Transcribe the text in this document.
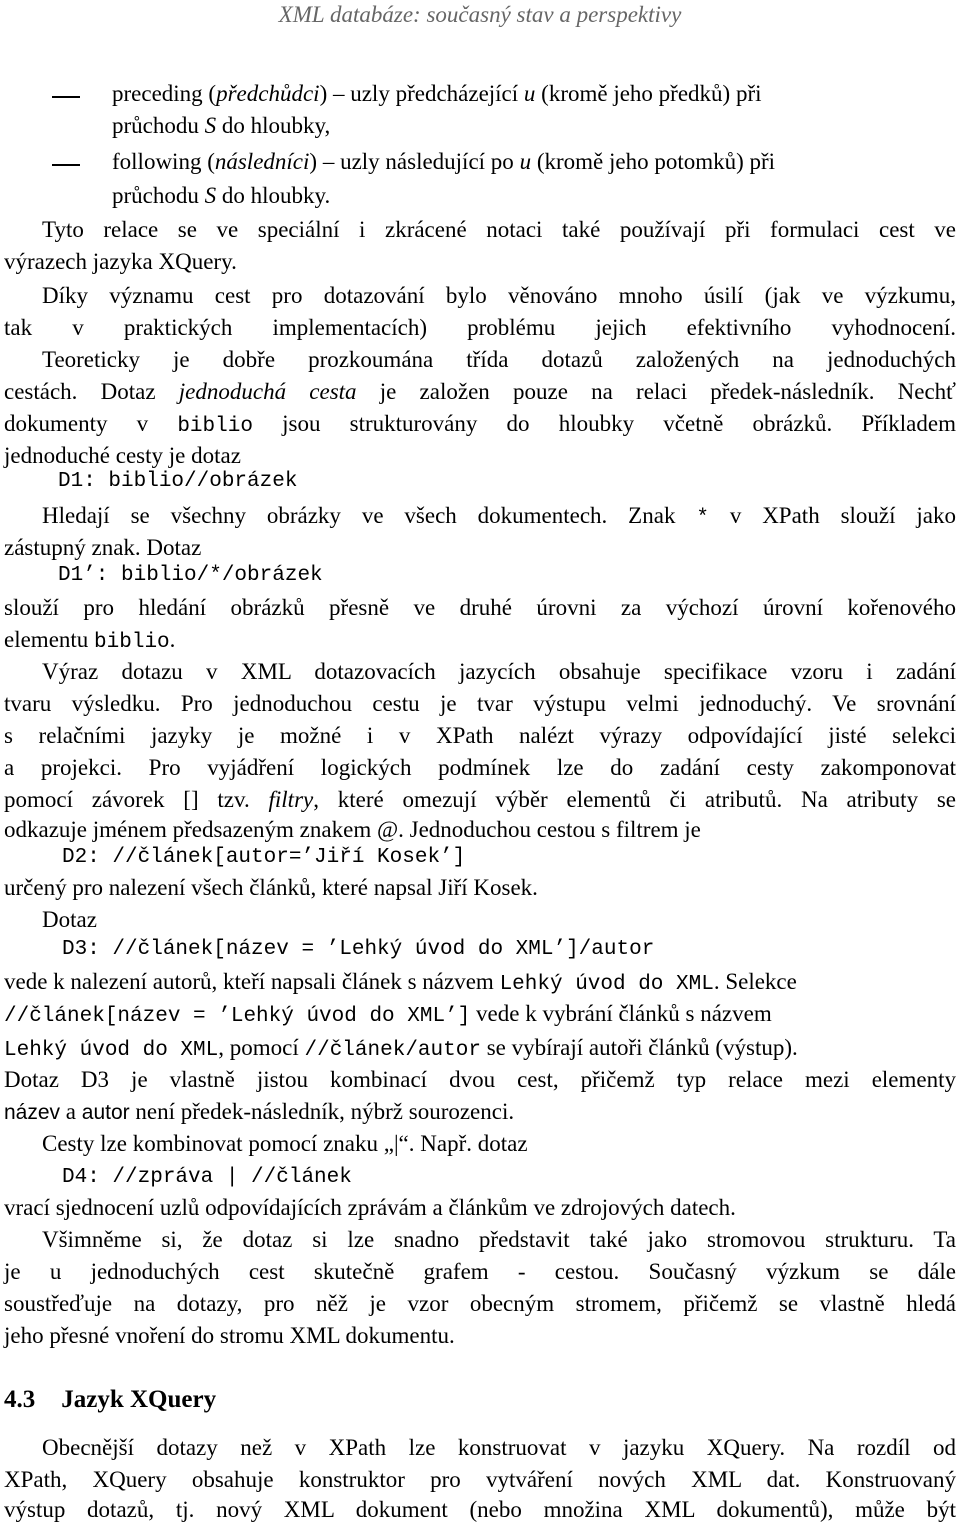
XML databáze: současný stav a perspektivy
preceding (předchůdci) – uzly předcházející u (kromě jeho předků) při
průchodu S do hloubky,
following (následníci) – uzly následující po u (kromě jeho potomků) při
průchodu S do hloubky.
Tyto relace se ve speciální i zkrácené notaci také používají při formulaci cest ve
výrazech jazyka XQuery.
Díky významu cest pro dotazování bylo věnováno mnoho úsilí (jak ve výzkumu,
tak v praktických implementacích) problému jejich efektivního vyhodnocení.
Teoreticky je dobře prozkoumána třída dotazů založených na jednoduchých
cestách. Dotaz jednoduchá cesta je založen pouze na relaci předek-následník. Nechť
dokumenty v biblio jsou strukturovány do hloubky včetně obrázků. Příkladem
jednoduché cesty je dotaz
D1: biblio//obrázek
Hledají se všechny obrázky ve všech dokumentech. Znak * v XPath slouží jako
zástupný znak. Dotaz
D1’: biblio/*/obrázek
slouží pro hledání obrázků přesně ve druhé úrovni za výchozí úrovní kořenového
elementu biblio.
Výraz dotazu v XML dotazovacích jazycích obsahuje specifikace vzoru i zadání
tvaru výsledku. Pro jednoduchou cestu je tvar výstupu velmi jednoduchý. Ve srovnání
s relačními jazyky je možné i v XPath nalézt výrazy odpovídající jisté selekci
a projekci. Pro vyjádření logických podmínek lze do zadání cesty zakomponovat
pomocí závorek [] tzv. filtry, které omezují výběr elementů či atributů. Na atributy se
odkazuje jménem předsazeným znakem @. Jednoduchou cestou s filtrem je
D2: //článek[autor=’Jiří Kosek’]
určený pro nalezení všech článků, které napsal Jiří Kosek.
Dotaz
D3: //článek[název = ’Lehký úvod do XML’]/autor
vede k nalezení autorů, kteří napsali článek s názvem Lehký úvod do XML. Selekce
//článek[název = ’Lehký úvod do XML’] vede k vybrání článků s názvem
Lehký úvod do XML, pomocí //článek/autor se vybírají autoři článků (výstup).
Dotaz D3 je vlastně jistou kombinací dvou cest, přičemž typ relace mezi elementy
název a autor není předek-následník, nýbrž sourozenci.
Cesty lze kombinovat pomocí znaku „|“. Např. dotaz
D4: //zpráva | //článek
vrací sjednocení uzlů odpovídajících zprávám a článkům ve zdrojových datech.
Všimněme si, že dotaz si lze snadno představit také jako stromovou strukturu. Ta
je u jednoduchých cest skutečně grafem - cestou. Současný výzkum se dále
soustřeďuje na dotazy, pro něž je vzor obecným stromem, přičemž se vlastně hledá
jeho přesné vnoření do stromu XML dokumentu.
4.3 Jazyk XQuery
Obecnější dotazy než v XPath lze konstruovat v jazyku XQuery. Na rozdíl od
XPath, XQuery obsahuje konstruktor pro vytváření nových XML dat. Konstruovaný
výstup dotazů, tj. nový XML dokument (nebo množina XML dokumentů), může být
